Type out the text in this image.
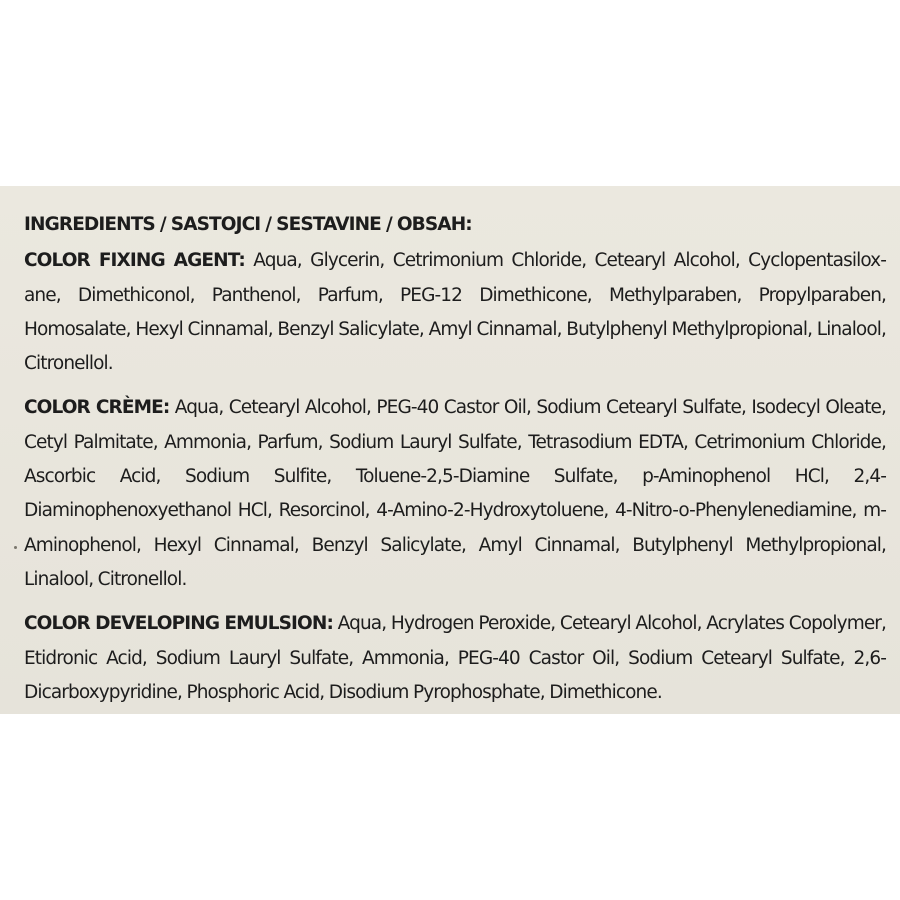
INGREDIENTS / SASTOJCI / SESTAVINE / OBSAH:

COLOR FIXING AGENT: Aqua, Glycerin, Cetrimonium Chloride, Cetearyl Alcohol, Cyclopentasilox-ane, Dimethiconol, Panthenol, Parfum, PEG-12 Dimethicone, Methylparaben, Propylparaben, Homosalate, Hexyl Cinnamal, Benzyl Salicylate, Amyl Cinnamal, Butylphenyl Methylpropional, Linalool, Citronellol.

COLOR CRÈME: Aqua, Cetearyl Alcohol, PEG-40 Castor Oil, Sodium Cetearyl Sulfate, Isodecyl Oleate, Cetyl Palmitate, Ammonia, Parfum, Sodium Lauryl Sulfate, Tetrasodium EDTA, Cetrimonium Chloride, Ascorbic Acid, Sodium Sulfite, Toluene-2,5-Diamine Sulfate, p-Aminophenol HCl, 2,4-Diaminophenoxyethanol HCl, Resorcinol, 4-Amino-2-Hydroxytoluene, 4-Nitro-o-Phenylenediamine, m-Aminophenol, Hexyl Cinnamal, Benzyl Salicylate, Amyl Cinnamal, Butylphenyl Methylpropional, Linalool, Citronellol.

COLOR DEVELOPING EMULSION: Aqua, Hydrogen Peroxide, Cetearyl Alcohol, Acrylates Copolymer, Etidronic Acid, Sodium Lauryl Sulfate, Ammonia, PEG-40 Castor Oil, Sodium Cetearyl Sulfate, 2,6-Dicarboxypyridine, Phosphoric Acid, Disodium Pyrophosphate, Dimethicone.
